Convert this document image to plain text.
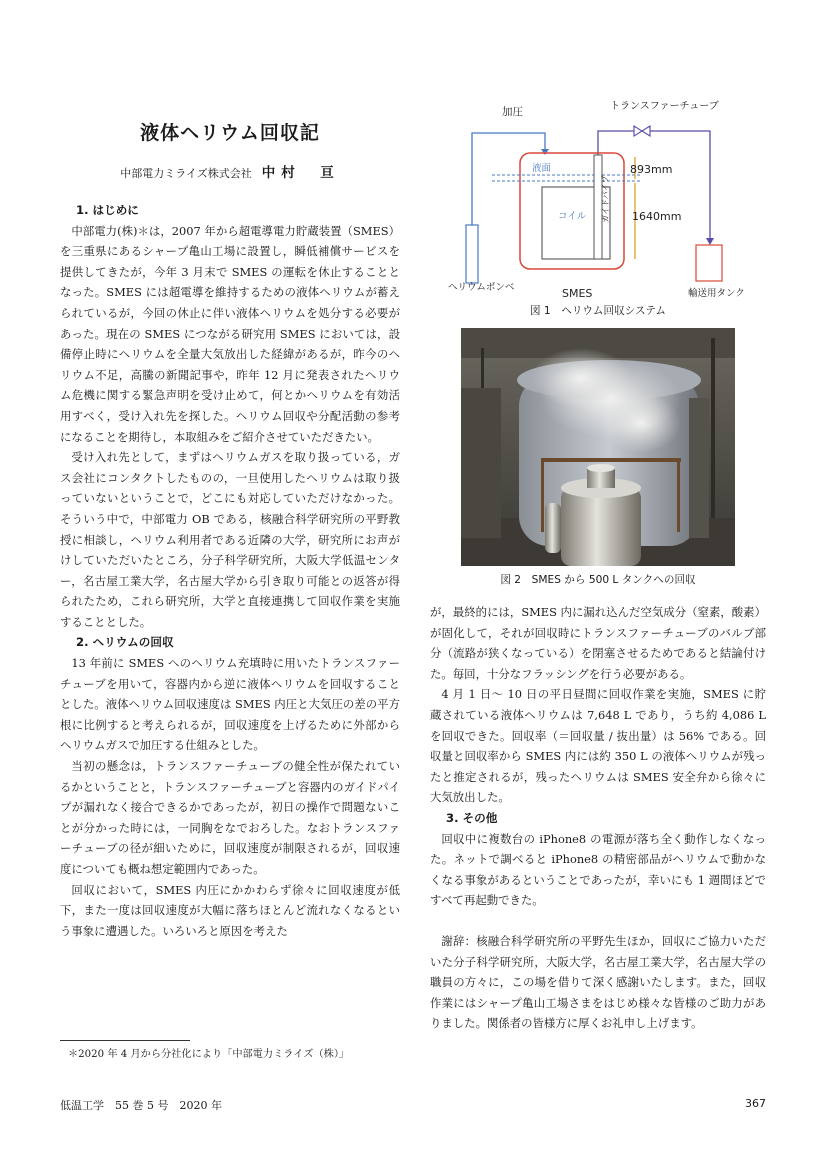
液体ヘリウム回収記
中部電力ミライズ株式会社 中村　亘
1. はじめに

中部電力(株)＊は，2007 年から超電導電力貯蔵装置（SMES）を三重県にあるシャープ亀山工場に設置し，瞬低補償サービスを提供してきたが，今年 3 月末で SMES の運転を休止することとなった。SMES には超電導を維持するための液体ヘリウムが蓄えられているが，今回の休止に伴い液体ヘリウムを処分する必要があった。現在の SMES につながる研究用 SMES においては，設備停止時にヘリウムを全量大気放出した経緯があるが，昨今のヘリウム不足，高騰の新聞記事や，昨年 12 月に発表されたヘリウム危機に関する緊急声明を受け止めて，何とかヘリウムを有効活用すべく，受け入れ先を探した。ヘリウム回収や分配活動の参考になることを期待し，本取組みをご紹介させていただきたい。

受け入れ先として，まずはヘリウムガスを取り扱っている，ガス会社にコンタクトしたものの，一旦使用したヘリウムは取り扱っていないということで，どこにも対応していただけなかった。そういう中で，中部電力 OB である，核融合科学研究所の平野教授に相談し，ヘリウム利用者である近隣の大学，研究所にお声がけしていただいたところ，分子科学研究所，大阪大学低温センター，名古屋工業大学，名古屋大学から引き取り可能との返答が得られたため，これら研究所，大学と直接連携して回収作業を実施することとした。

2. ヘリウムの回収

13 年前に SMES へのヘリウム充填時に用いたトランスファーチューブを用いて，容器内から逆に液体ヘリウムを回収することとした。液体ヘリウム回収速度は SMES 内圧と大気圧の差の平方根に比例すると考えられるが，回収速度を上げるために外部からヘリウムガスで加圧する仕組みとした。

当初の懸念は，トランスファーチューブの健全性が保たれているかということと，トランスファーチューブと容器内のガイドパイプが漏れなく接合できるかであったが，初日の操作で問題ないことが分かった時には，一同胸をなでおろした。なおトランスファーチューブの径が細いために，回収速度が制限されるが，回収速度についても概ね想定範囲内であった。

回収において，SMES 内圧にかかわらず徐々に回収速度が低下，また一度は回収速度が大幅に落ちほとんど流れなくなるという事象に遭遇した。いろいろと原因を考えた

加圧
ヘリウムボンベ
トランスファーチューブ
輸送用タンク
SMES
液面
コイル ガイドパイプ
893mm
1640mm
図 1　ヘリウム回収システム
図 2　SMES から 500 L タンクへの回収

が，最終的には，SMES 内に漏れ込んだ空気成分（窒素，酸素）が固化して，それが回収時にトランスファーチューブのバルブ部分（流路が狭くなっている）を閉塞させるためであると結論付けた。毎回，十分なフラッシングを行う必要がある。

4 月 1 日～ 10 日の平日昼間に回収作業を実施，SMES に貯蔵されている液体ヘリウムは 7,648 L であり，うち約 4,086 L を回収できた。回収率（＝回収量 / 抜出量）は 56% である。回収量と回収率から SMES 内には約 350 L の液体ヘリウムが残ったと推定されるが，残ったヘリウムは SMES 安全弁から徐々に大気放出した。

3. その他

回収中に複数台の iPhone8 の電源が落ち全く動作しなくなった。ネットで調べると iPhone8 の精密部品がヘリウムで動かなくなる事象があるということであったが，幸いにも 1 週間ほどですべて再起動できた。

謝辞：核融合科学研究所の平野先生ほか，回収にご協力いただいた分子科学研究所，大阪大学，名古屋工業大学，名古屋大学の職員の方々に，この場を借りて深く感謝いたします。また，回収作業にはシャープ亀山工場さまをはじめ様々な皆様のご助力がありました。関係者の皆様方に厚くお礼申し上げます。

＊2020 年 4 月から分社化により「中部電力ミライズ（株）」
低温工学　55 巻 5 号　2020 年	367
